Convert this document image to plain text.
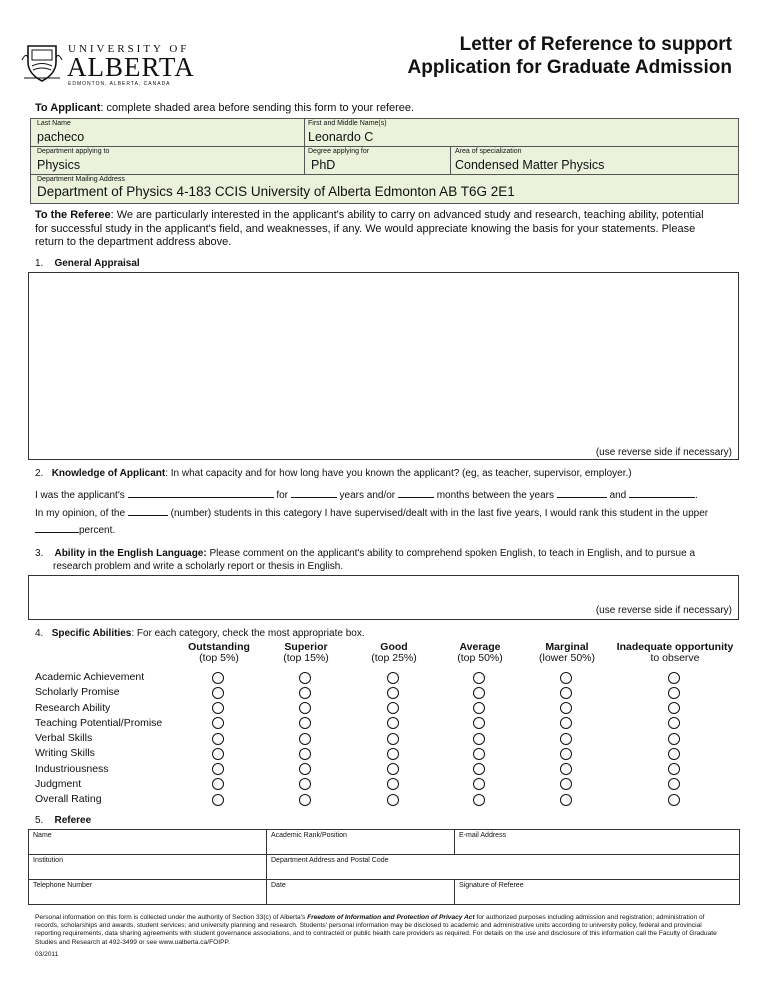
UNIVERSITY OF
ALBERTA
EDMONTON, ALBERTA, CANADA
Letter of Reference to support
Application for Graduate Admission
To Applicant: complete shaded area before sending this form to your referee.
Last Name
pacheco
First and Middle Name(s)
Leonardo C
Department applying to
Physics
Degree applying for
PhD
Area of specialization
Condensed Matter Physics
Department Mailing Address
Department of Physics 4-183 CCIS University of Alberta Edmonton AB T6G 2E1
To the Referee: We are particularly interested in the applicant's ability to carry on advanced study and research, teaching ability, potential
for successful study in the applicant's field, and weaknesses, if any. We would appreciate knowing the basis for your statements. Please
return to the department address above.
1. General Appraisal
(use reverse side if necessary)
2. Knowledge of Applicant: In what capacity and for how long have you known the applicant? (eg, as teacher, supervisor, employer.)
I was the applicant's	for	years and/or	months between the years	and	.
In my opinion, of the	(number) students in this category I have supervised/dealt with in the last five years, I would rank this student in the upper
percent.
3. Ability in the English Language: Please comment on the applicant's ability to comprehend spoken English, to teach in English, and to pursue a
research problem and write a scholarly report or thesis in English.
(use reverse side if necessary)
4. Specific Abilities: For each category, check the most appropriate box.
Outstanding
(top 5%)
Superior
(top 15%)
Good
(top 25%)
Average
(top 50%)
Marginal
(lower 50%)
Inadequate opportunity
to observe
Academic Achievement
Scholarly Promise
Research Ability
Teaching Potential/Promise
Verbal Skills
Writing Skills
Industriousness
Judgment
Overall Rating
5. Referee
Name	Academic Rank/Position	E-mail Address
Institution	Department Address and Postal Code	
Telephone Number	Date	Signature of Referee
Personal information on this form is collected under the authority of Section 33(c) of Alberta's Freedom of Information and Protection of Privacy Act for authorized purposes including admission and registration; administration of records, scholarships and awards, student services; and university planning and research. Students' personal information may be disclosed to academic and administrative units according to university policy, federal and provincial reporting requirements, data sharing agreements with student governance associations, and to contracted or public health care providers as required. For details on the use and disclosure of this information call the Faculty of Graduate Studies and Research at 492-3499 or see www.ualberta.ca/FOIPP.
03/2011
